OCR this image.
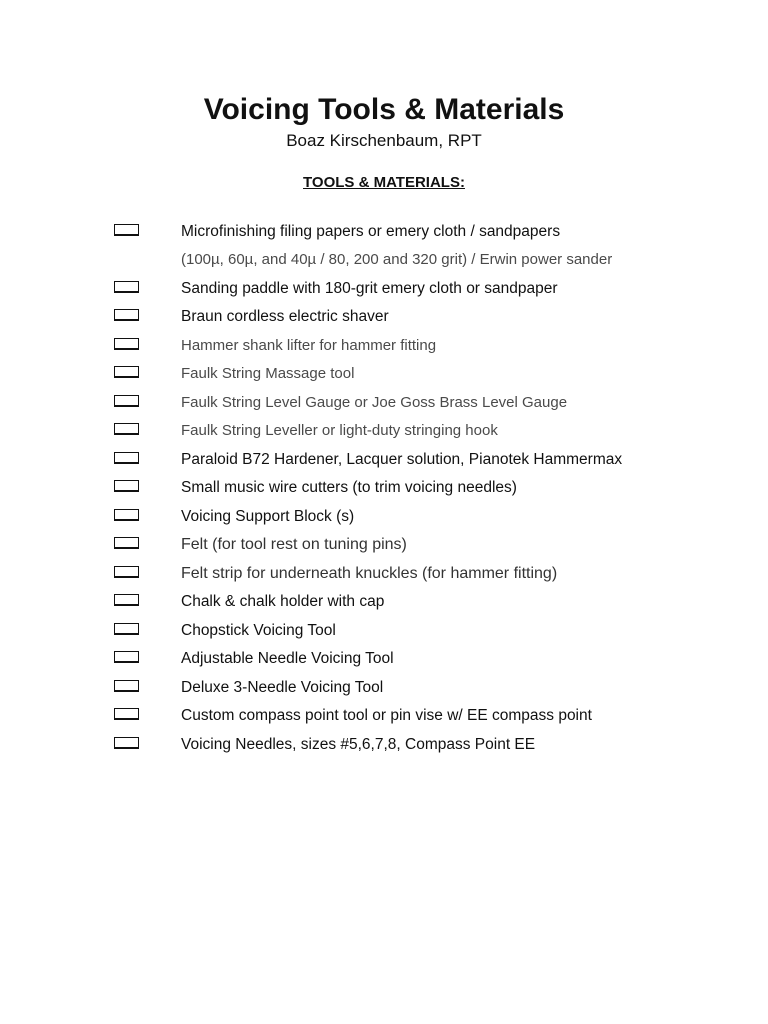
Voicing Tools & Materials
Boaz Kirschenbaum, RPT
TOOLS & MATERIALS:
Microfinishing filing papers or emery cloth / sandpapers
(100µ, 60µ, and 40µ / 80, 200 and 320 grit) / Erwin power sander
Sanding paddle with 180-grit emery cloth or sandpaper
Braun cordless electric shaver
Hammer shank lifter for hammer fitting
Faulk String Massage tool
Faulk String Level Gauge or Joe Goss Brass Level Gauge
Faulk String Leveller or light-duty stringing hook
Paraloid B72 Hardener, Lacquer solution, Pianotek Hammermax
Small music wire cutters (to trim voicing needles)
Voicing Support Block (s)
Felt (for tool rest on tuning pins)
Felt strip for underneath knuckles (for hammer fitting)
Chalk & chalk holder with cap
Chopstick Voicing Tool
Adjustable Needle Voicing Tool
Deluxe 3-Needle Voicing Tool
Custom compass point tool or pin vise w/ EE compass point
Voicing Needles, sizes #5,6,7,8, Compass Point EE
